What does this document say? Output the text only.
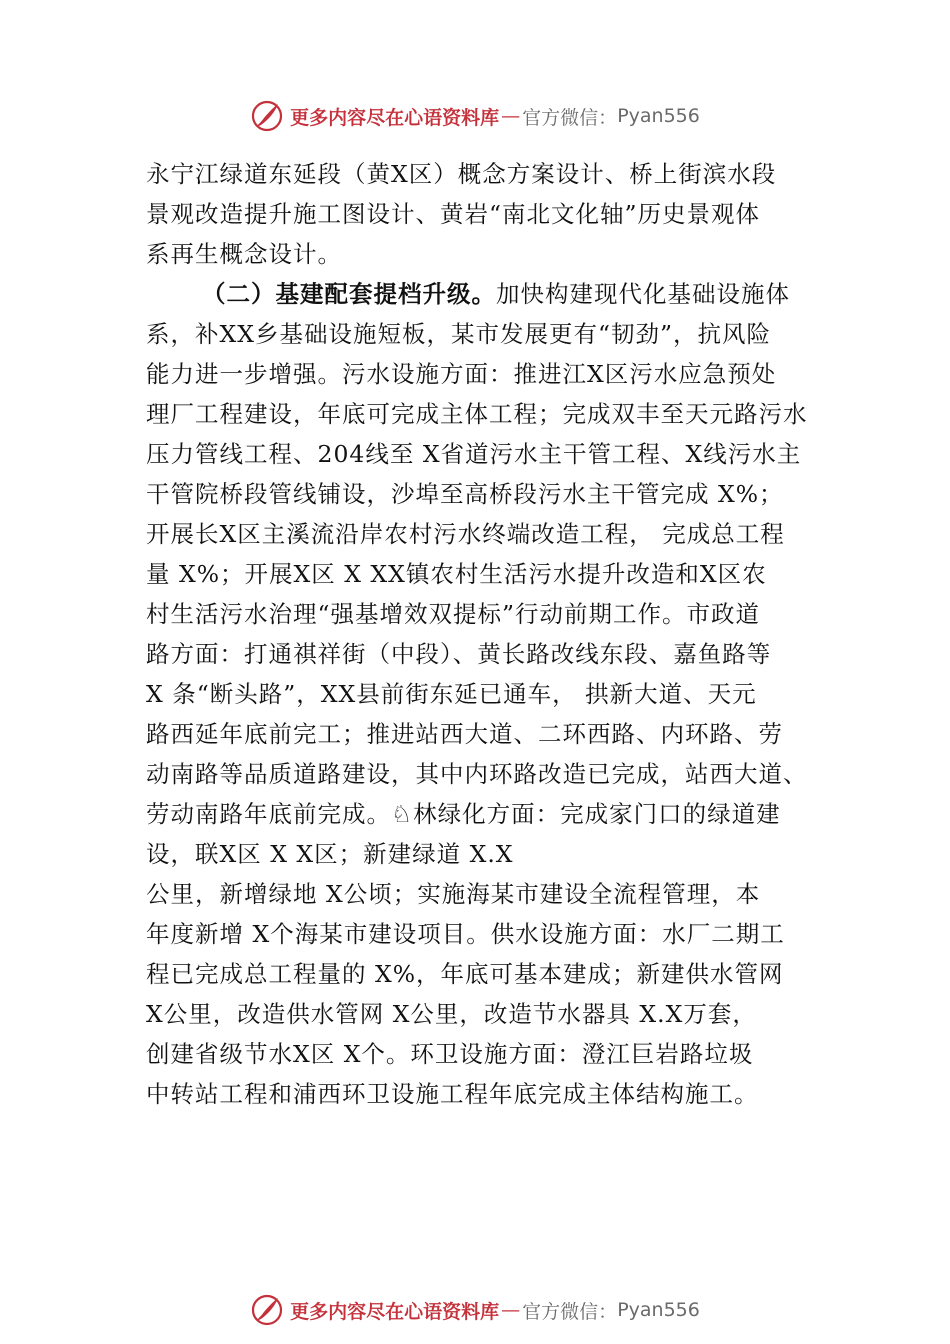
更多内容尽在心语资料库 — 官方微信： Pyan556
永宁江绿道东延段（黄X区）概念方案设计、桥上街滨水段
景观改造提升施工图设计、黄岩“南北文化轴”历史景观体
系再生概念设计。
（二）基建配套提档升级。加快构建现代化基础设施体
系，补XX乡基础设施短板，某市发展更有“韧劲”，抗风险
能力进一步增强。污水设施方面：推进江X区污水应急预处
理厂工程建设，年底可完成主体工程；完成双丰至天元路污水
压力管线工程、204线至 X省道污水主干管工程、X线污水主
干管院桥段管线铺设，沙埠至高桥段污水主干管完成 X%；
开展长X区主溪流沿岸农村污水终端改造工程， 完成总工程
量 X%；开展X区 X XX镇农村生活污水提升改造和X区农
村生活污水治理“强基增效双提标”行动前期工作。市政道
路方面：打通祺祥街（中段）、黄长路改线东段、嘉鱼路等
X 条“断头路”，XX县前街东延已通车， 拱新大道、天元
路西延年底前完工；推进站西大道、二环西路、内环路、劳
动南路等品质道路建设，其中内环路改造已完成，站西大道、
劳动南路年底前完成。♘林绿化方面：完成家门口的绿道建
设，联X区 X X区；新建绿道 X.X
公里，新增绿地 X公顷；实施海某市建设全流程管理，本
年度新增 X个海某市建设项目。供水设施方面：水厂二期工
程已完成总工程量的 X%，年底可基本建成；新建供水管网
X公里，改造供水管网 X公里，改造节水器具 X.X万套，
创建省级节水X区 X个。环卫设施方面：澄江巨岩路垃圾
中转站工程和浦西环卫设施工程年底完成主体结构施工。
更多内容尽在心语资料库 — 官方微信： Pyan556
